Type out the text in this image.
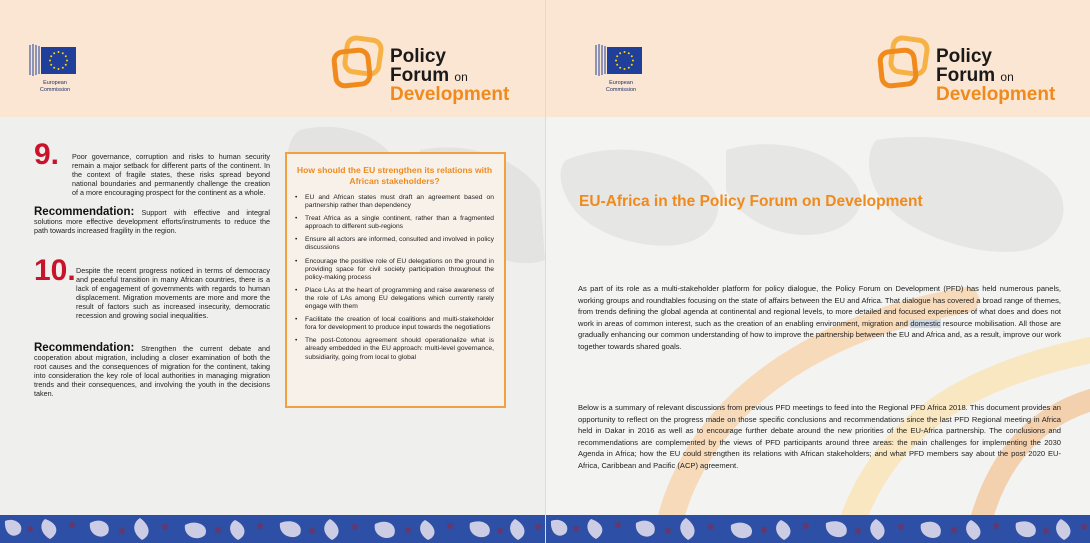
European
Commission
Policy
Forum on
Development
9. Poor governance, corruption and risks to human security remain a major setback for different parts of the continent. In the context of fragile states, these risks spread beyond national boundaries and permanently challenge the creation of a more encouraging prospect for the continent as a whole.
Recommendation: Support with effective and integral solutions more effective development efforts/instruments to reduce the path towards increased fragility in the region.
10. Despite the recent progress noticed in terms of democracy and peaceful transition in many African countries, there is a lack of engagement of governments with regards to human displacement. Migration movements are more and more the result of factors such as increased insecurity, democratic recession and growing social inequalities.
Recommendation: Strengthen the current debate and cooperation about migration, including a closer examination of both the root causes and the consequences of migration for the continent, taking into consideration the key role of local authorities in managing migration trends and their consequences, and involving the youth in the decisions taken.
How should the EU strengthen its relations with African stakeholders?
• EU and African states must draft an agreement based on partnership rather than dependency
• Treat Africa as a single continent, rather than a fragmented approach to different sub-regions
• Ensure all actors are informed, consulted and involved in policy discussions
• Encourage the positive role of EU delegations on the ground in providing space for civil society participation throughout the policy-making process
• Place LAs at the heart of programming and raise awareness of the role of LAs among EU delegations which currently rarely engage with them
• Facilitate the creation of local coalitions and multi-stakeholder fora for development to produce input towards the negotiations
• The post-Cotonou agreement should operationalize what is already embedded in the EU approach: multi-level governance, subsidiarity, going from local to global
European
Commission
Policy
Forum on
Development
EU-Africa in the Policy Forum on Development
As part of its role as a multi-stakeholder platform for policy dialogue, the Policy Forum on Development (PFD) has held numerous panels, working groups and roundtables focusing on the state of affairs between the EU and Africa. That dialogue has covered a broad range of themes, from trends defining the global agenda at continental and regional levels, to more detailed and focused experiences of what does and does not work in areas of common interest, such as the creation of an enabling environment, migration and domestic resource mobilisation. All those are gradually enhancing our common understanding of how to improve the partnership between the EU and Africa and, as a result, improve our work together towards shared goals.
Below is a summary of relevant discussions from previous PFD meetings to feed into the Regional PFD Africa 2018. This document provides an opportunity to reflect on the progress made on those specific conclusions and recommendations since the last PFD Regional meeting in Africa held in Dakar in 2016 as well as to encourage further debate around the new priorities of the EU-Africa partnership. The conclusions and recommendations are complemented by the views of PFD participants around three areas: the main challenges for implementing the 2030 Agenda in Africa; how the EU could strengthen its relations with African stakeholders; and what PFD members say about the post 2020 EU-Africa, Caribbean and Pacific (ACP) agreement.
